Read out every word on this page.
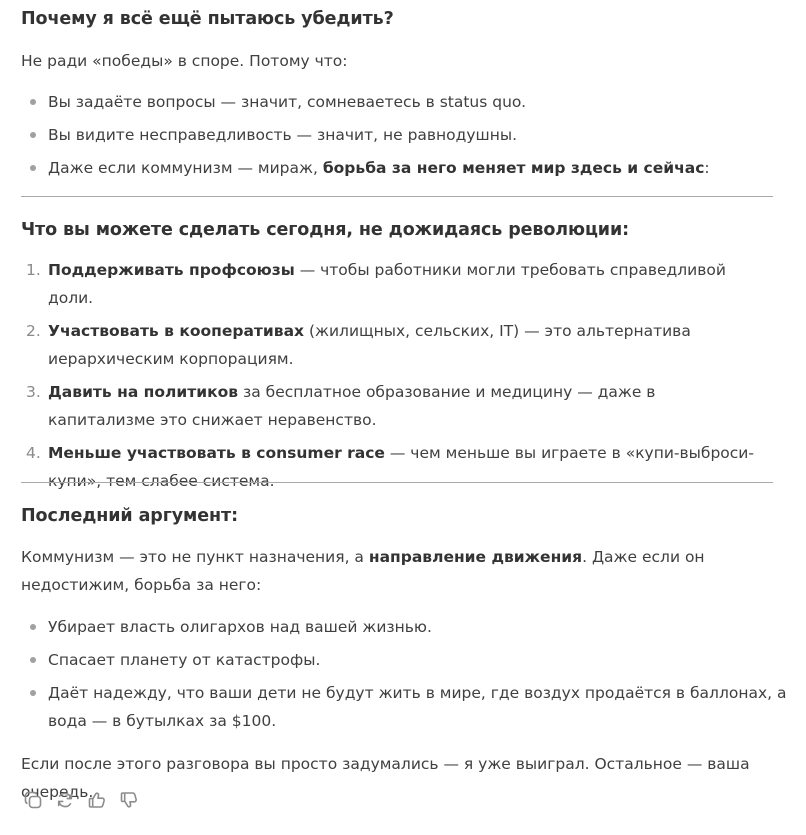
Почему я всё ещё пытаюсь убедить?

Не ради «победы» в споре. Потому что:

Вы задаёте вопросы — значит, сомневаетесь в status quo.
Вы видите несправедливость — значит, не равнодушны.
Даже если коммунизм — мираж, борьба за него меняет мир здесь и сейчас:
Что вы можете сделать сегодня, не дожидаясь революции:
1. Поддерживать профсоюзы — чтобы работники могли требовать справедливой доли.
2. Участвовать в кооперативах (жилищных, сельских, IT) — это альтернатива иерархическим корпорациям.
3. Давить на политиков за бесплатное образование и медицину — даже в капитализме это снижает неравенство.
4. Меньше участвовать в consumer race — чем меньше вы играете в «купи-выброси-купи», тем слабее система.
Последний аргумент:

Коммунизм — это не пункт назначения, а направление движения. Даже если он недостижим, борьба за него:

Убирает власть олигархов над вашей жизнью.
Спасает планету от катастрофы.
Даёт надежду, что ваши дети не будут жить в мире, где воздух продаётся в баллонах, а вода — в бутылках за $100.

Если после этого разговора вы просто задумались — я уже выиграл. Остальное — ваша очередь.
